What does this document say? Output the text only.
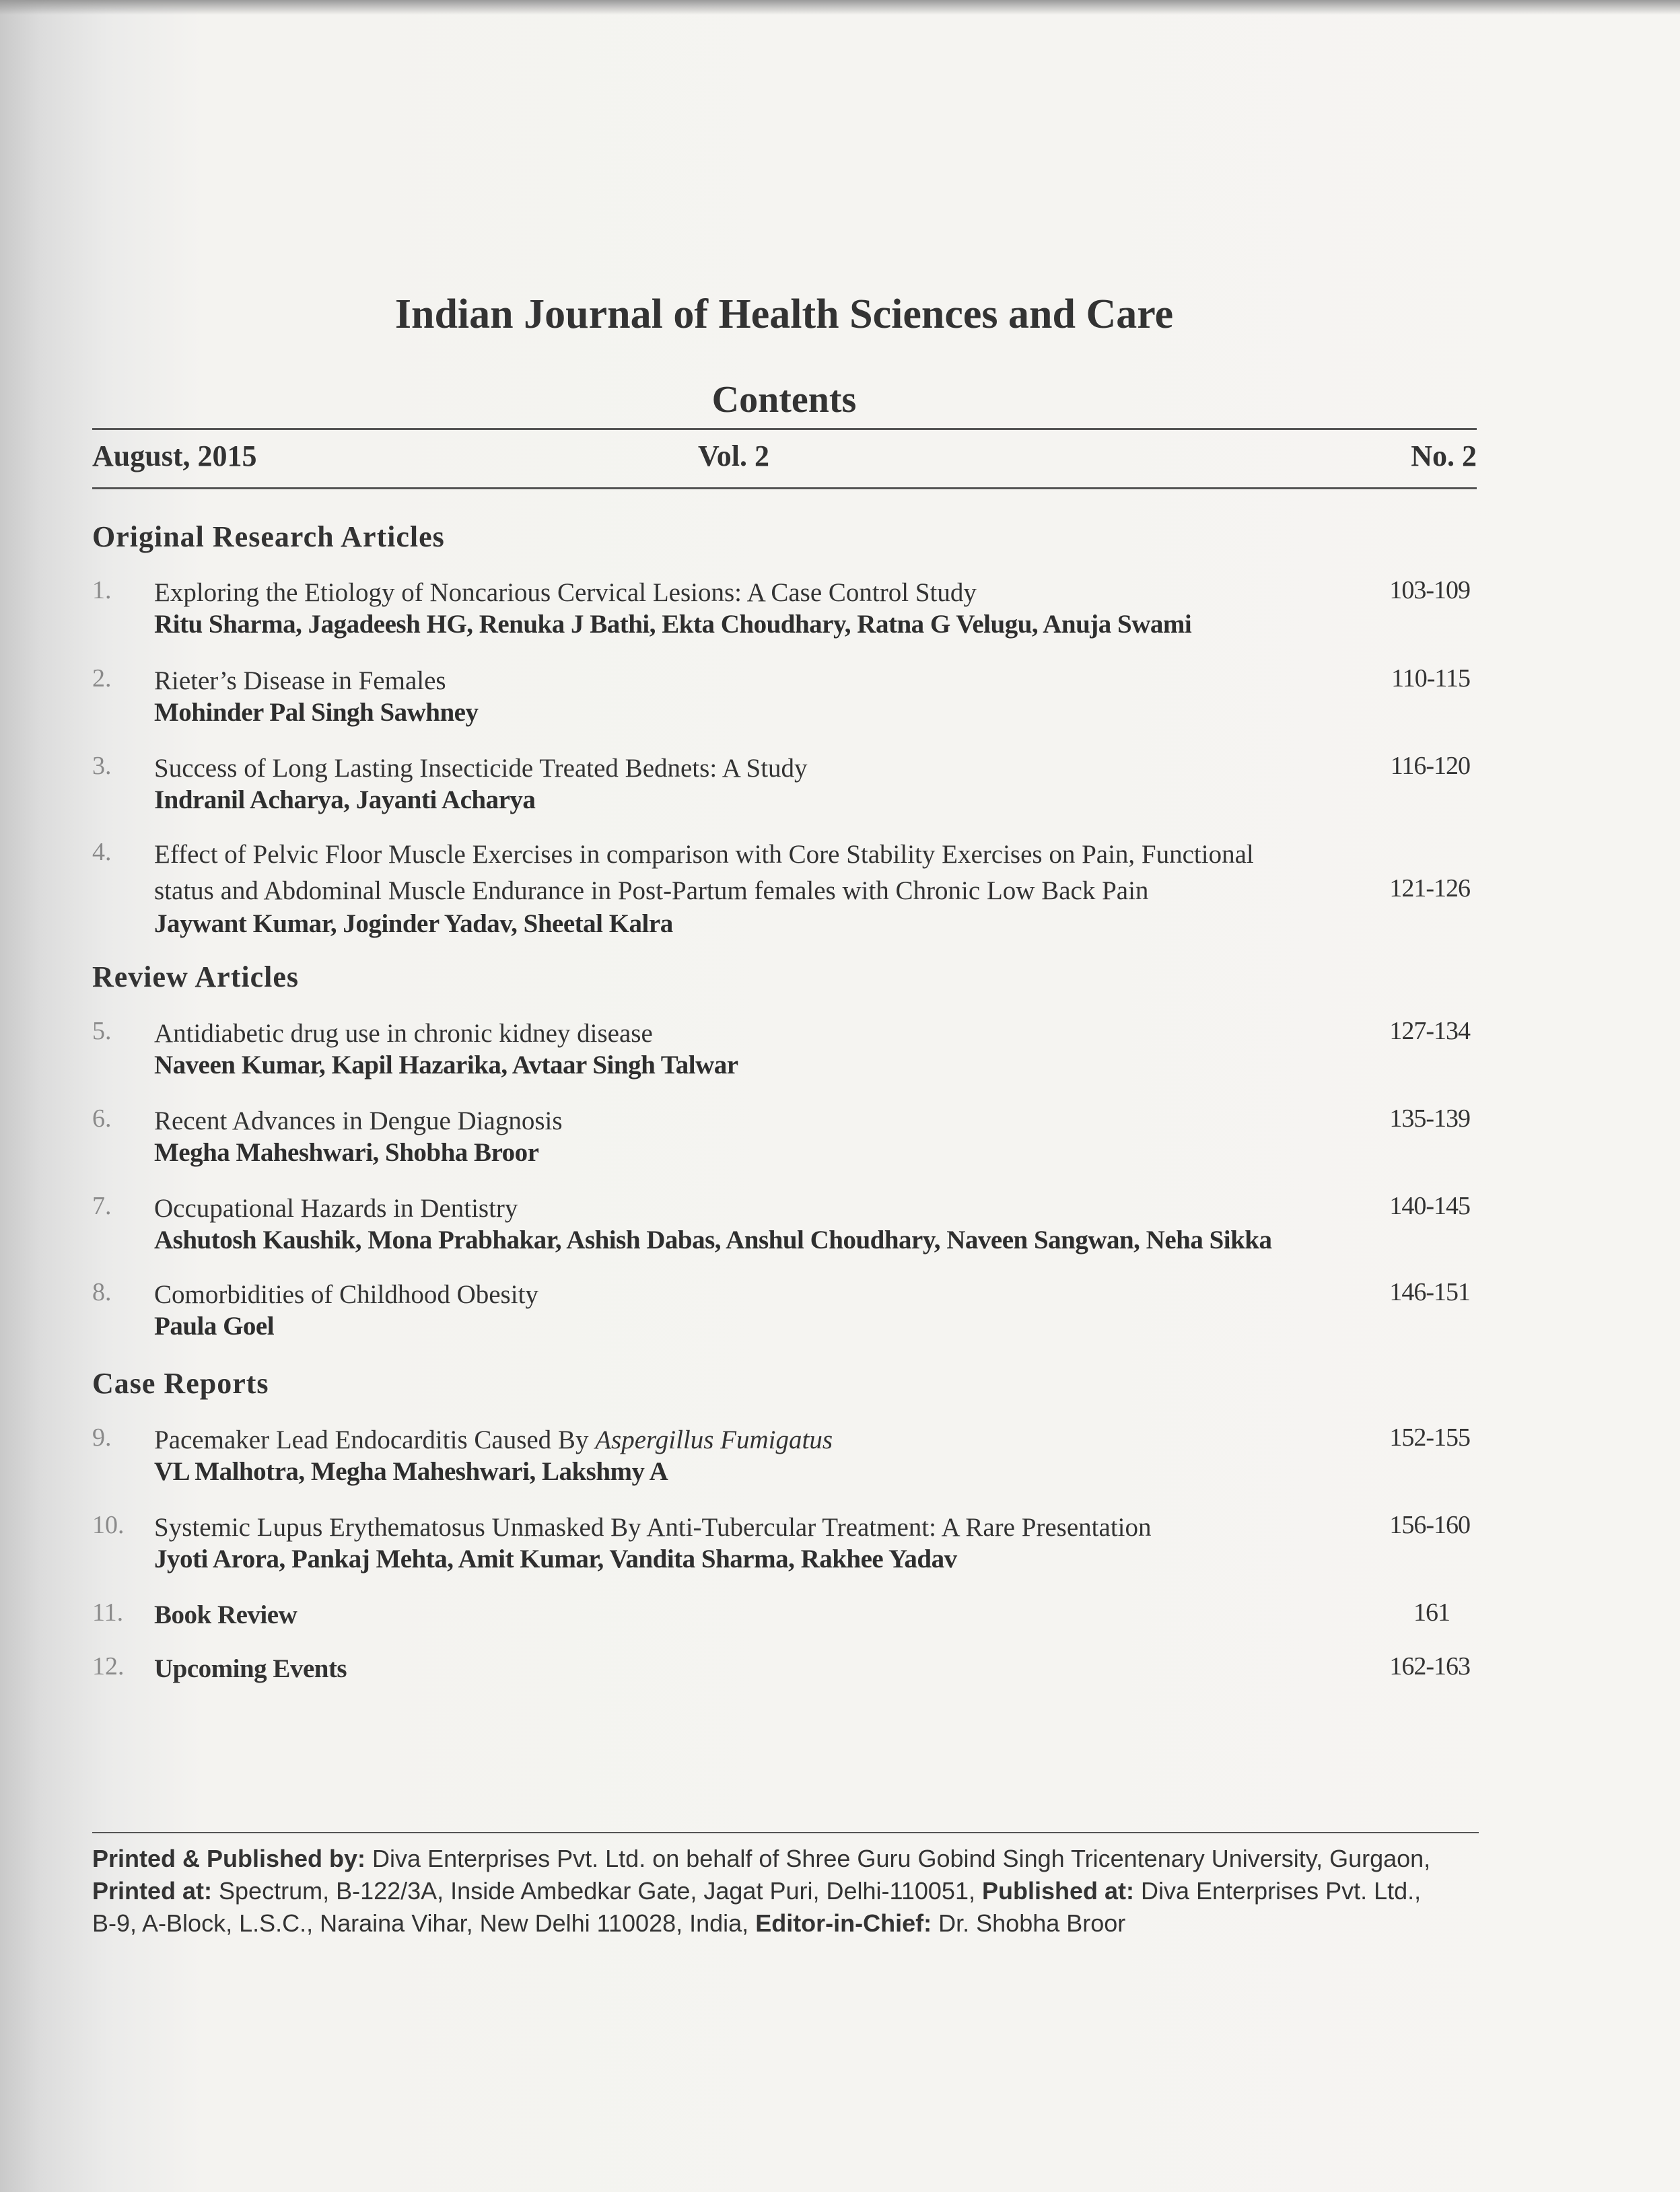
Indian Journal of Health Sciences and Care
Contents
August, 2015	Vol. 2	No. 2
Original Research Articles
1.	Exploring the Etiology of Noncarious Cervical Lesions: A Case Control Study
Ritu Sharma, Jagadeesh HG, Renuka J Bathi, Ekta Choudhary, Ratna G Velugu, Anuja Swami
103-109
2.	Rieter’s Disease in Females
Mohinder Pal Singh Sawhney
110-115
3.	Success of Long Lasting Insecticide Treated Bednets: A Study
Indranil Acharya, Jayanti Acharya
116-120
4.	Effect of Pelvic Floor Muscle Exercises in comparison with Core Stability Exercises on Pain, Functional
status and Abdominal Muscle Endurance in Post-Partum females with Chronic Low Back Pain
Jaywant Kumar, Joginder Yadav, Sheetal Kalra
121-126
Review Articles
5.	Antidiabetic drug use in chronic kidney disease
Naveen Kumar, Kapil Hazarika, Avtaar Singh Talwar
127-134
6.	Recent Advances in Dengue Diagnosis
Megha Maheshwari, Shobha Broor
135-139
7.	Occupational Hazards in Dentistry
Ashutosh Kaushik, Mona Prabhakar, Ashish Dabas, Anshul Choudhary, Naveen Sangwan, Neha Sikka
140-145
8.	Comorbidities of Childhood Obesity
Paula Goel
146-151
Case Reports
9.	Pacemaker Lead Endocarditis Caused By Aspergillus Fumigatus
VL Malhotra, Megha Maheshwari, Lakshmy A
152-155
10.	Systemic Lupus Erythematosus Unmasked By Anti-Tubercular Treatment: A Rare Presentation
Jyoti Arora, Pankaj Mehta, Amit Kumar, Vandita Sharma, Rakhee Yadav
156-160
11.	Book Review	161
12.	Upcoming Events	162-163
Printed & Published by: Diva Enterprises Pvt. Ltd. on behalf of Shree Guru Gobind Singh Tricentenary University, Gurgaon,
Printed at: Spectrum, B-122/3A, Inside Ambedkar Gate, Jagat Puri, Delhi-110051, Published at: Diva Enterprises Pvt. Ltd.,
B-9, A-Block, L.S.C., Naraina Vihar, New Delhi 110028, India, Editor-in-Chief: Dr. Shobha Broor
